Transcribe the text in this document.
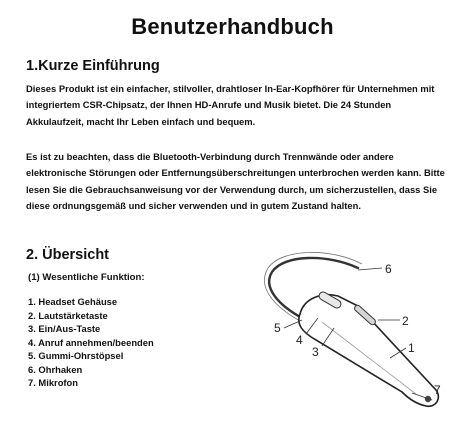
Benutzerhandbuch
1.Kurze Einführung

Dieses Produkt ist ein einfacher, stilvoller, drahtloser In-Ear-Kopfhörer für Unternehmen mit integriertem CSR-Chipsatz, der Ihnen HD-Anrufe und Musik bietet. Die 24 Stunden Akkulaufzeit, macht Ihr Leben einfach und bequem.

Es ist zu beachten, dass die Bluetooth-Verbindung durch Trennwände oder andere elektronische Störungen oder Entfernungsüberschreitungen unterbrochen werden kann. Bitte lesen Sie die Gebrauchsanweisung vor der Verwendung durch, um sicherzustellen, dass Sie diese ordnungsgemäß und sicher verwenden und in gutem Zustand halten.

2. Übersicht
(1) Wesentliche Funktion:
1. Headset Gehäuse
2. Lautstärketaste
3. Ein/Aus-Taste
4. Anruf annehmen/beenden
5. Gummi-Ohrstöpsel
6. Ohrhaken
7. Mikrofon
6
2
1
3
4
5
7
